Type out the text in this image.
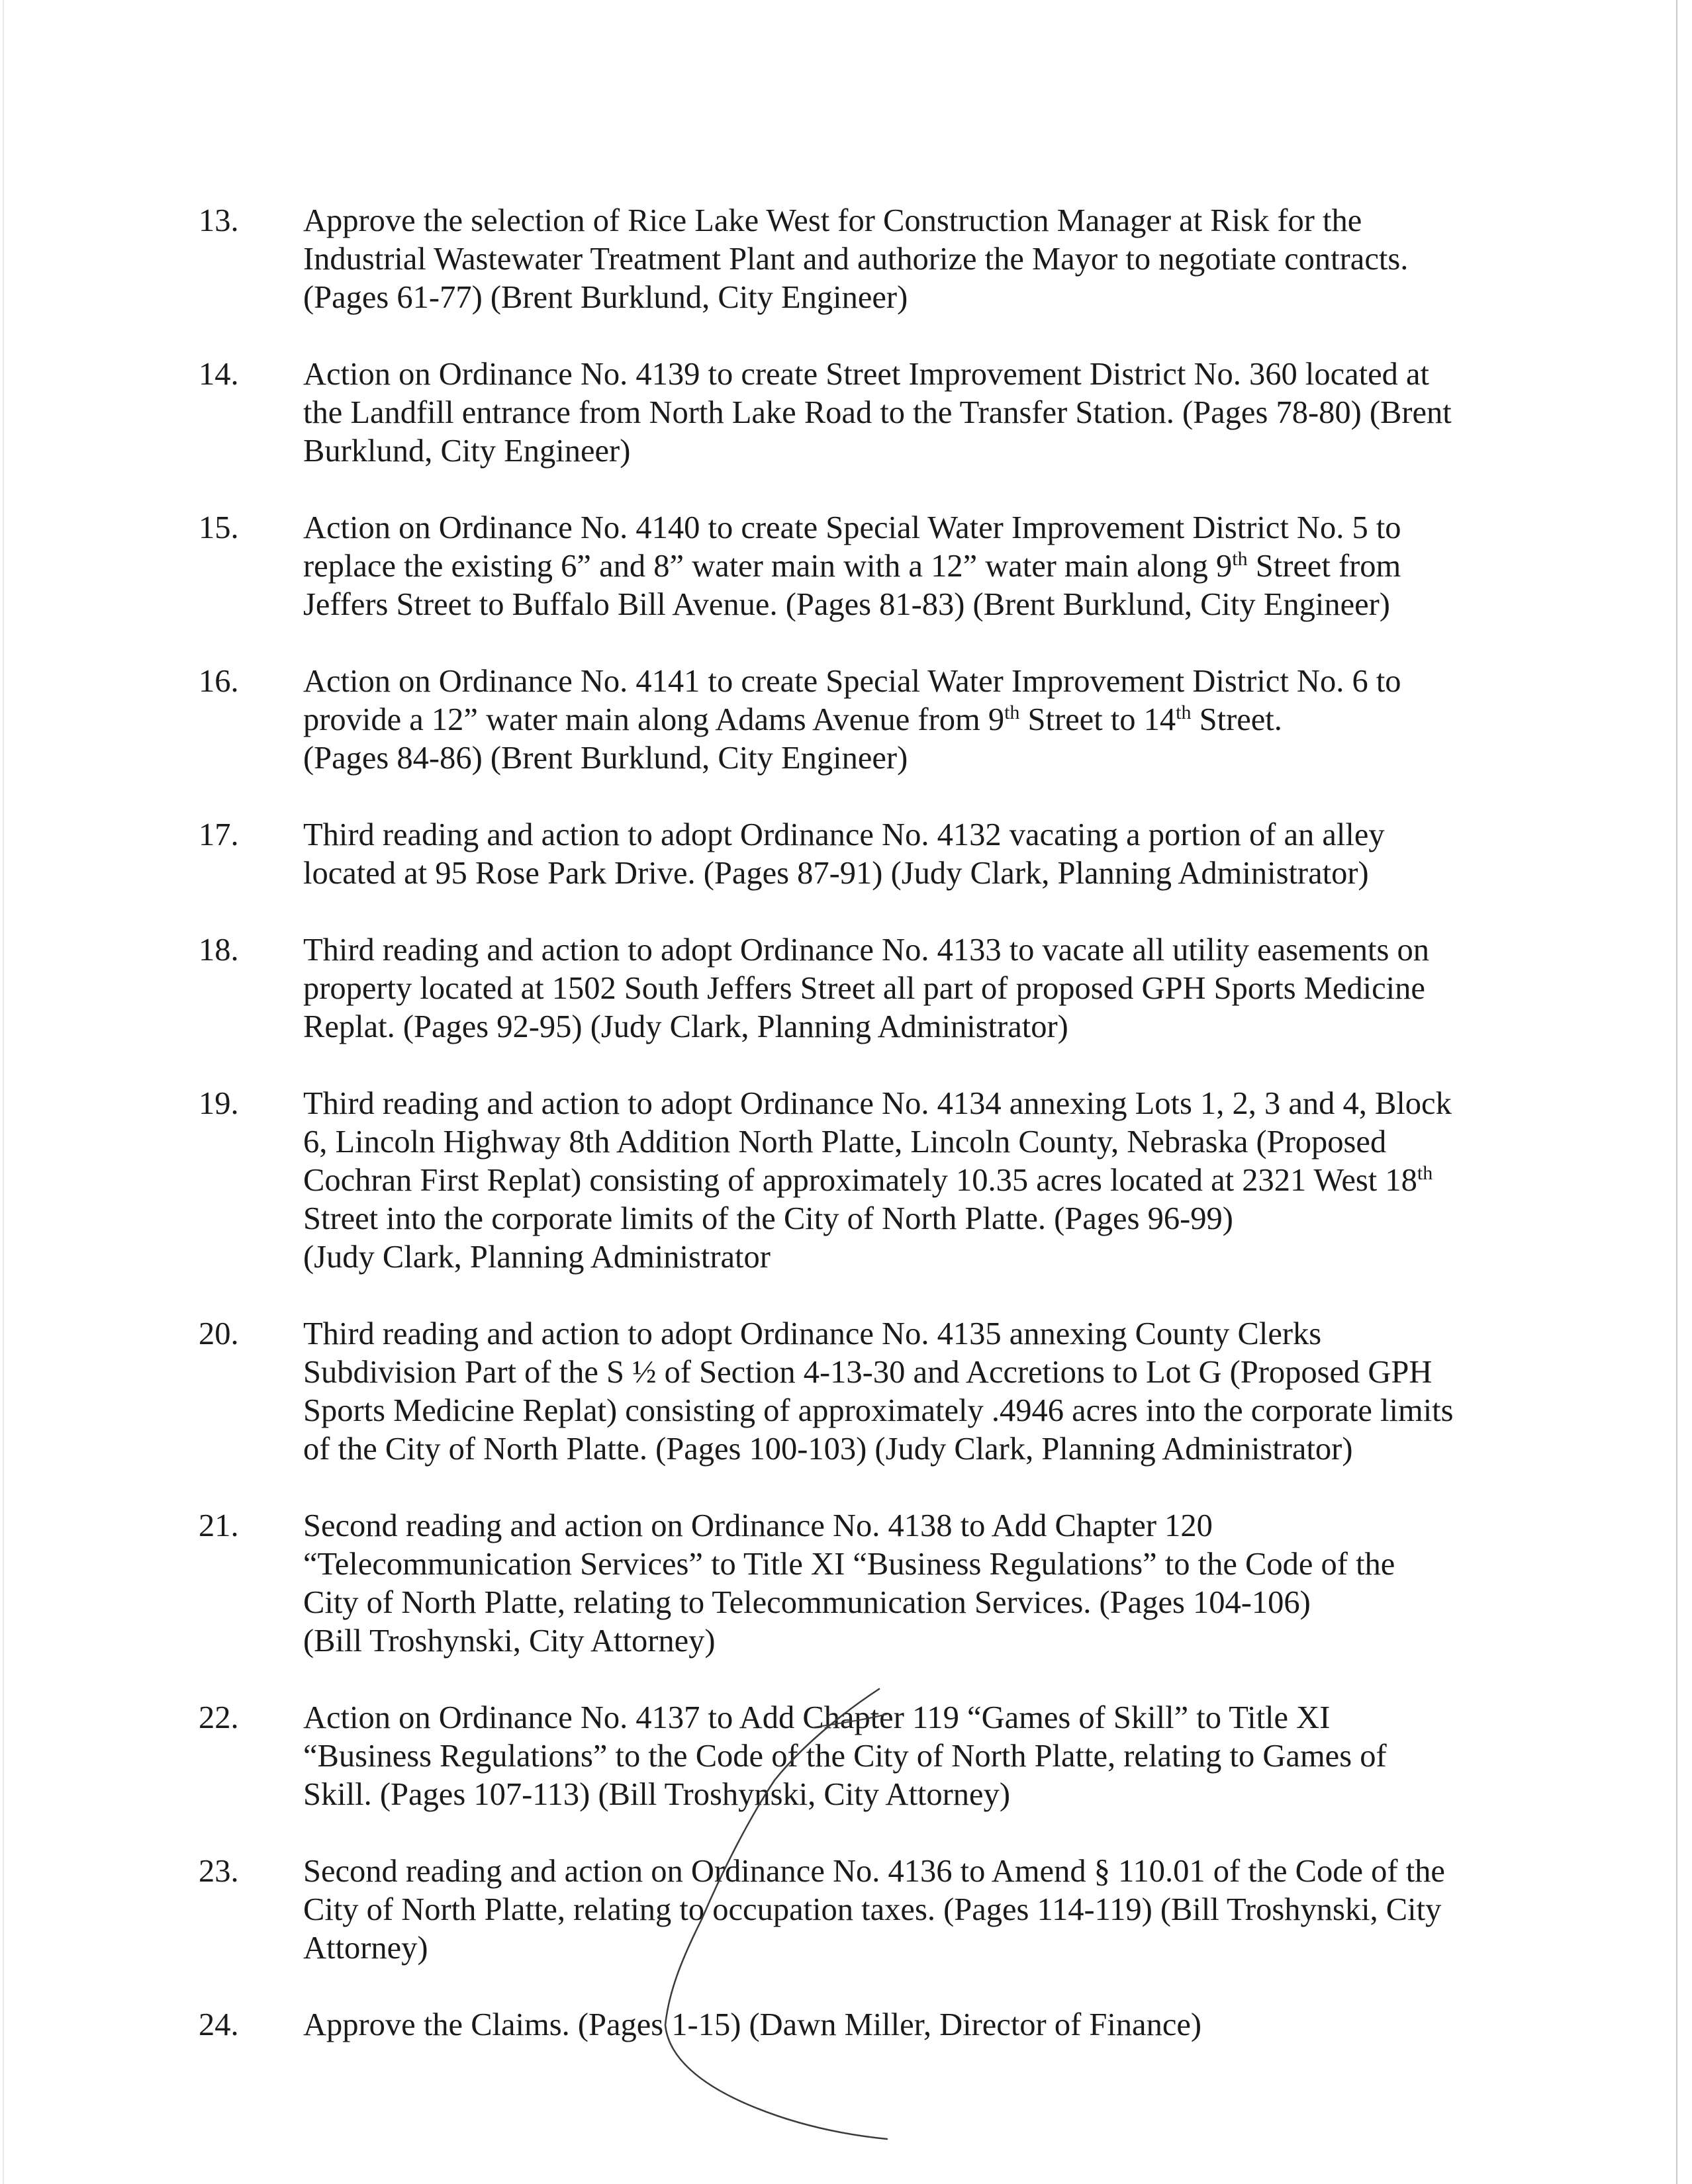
13. Approve the selection of Rice Lake West for Construction Manager at Risk for the
Industrial Wastewater Treatment Plant and authorize the Mayor to negotiate contracts.
(Pages 61-77) (Brent Burklund, City Engineer)
14. Action on Ordinance No. 4139 to create Street Improvement District No. 360 located at
the Landfill entrance from North Lake Road to the Transfer Station. (Pages 78-80) (Brent
Burklund, City Engineer)
15. Action on Ordinance No. 4140 to create Special Water Improvement District No. 5 to
replace the existing 6” and 8” water main with a 12” water main along 9th Street from
Jeffers Street to Buffalo Bill Avenue. (Pages 81-83) (Brent Burklund, City Engineer)
16. Action on Ordinance No. 4141 to create Special Water Improvement District No. 6 to
provide a 12” water main along Adams Avenue from 9th Street to 14th Street.
(Pages 84-86) (Brent Burklund, City Engineer)
17. Third reading and action to adopt Ordinance No. 4132 vacating a portion of an alley
located at 95 Rose Park Drive. (Pages 87-91) (Judy Clark, Planning Administrator)
18. Third reading and action to adopt Ordinance No. 4133 to vacate all utility easements on
property located at 1502 South Jeffers Street all part of proposed GPH Sports Medicine
Replat. (Pages 92-95) (Judy Clark, Planning Administrator)
19. Third reading and action to adopt Ordinance No. 4134 annexing Lots 1, 2, 3 and 4, Block
6, Lincoln Highway 8th Addition North Platte, Lincoln County, Nebraska (Proposed
Cochran First Replat) consisting of approximately 10.35 acres located at 2321 West 18th
Street into the corporate limits of the City of North Platte. (Pages 96-99)
(Judy Clark, Planning Administrator
20. Third reading and action to adopt Ordinance No. 4135 annexing County Clerks
Subdivision Part of the S ½ of Section 4-13-30 and Accretions to Lot G (Proposed GPH
Sports Medicine Replat) consisting of approximately .4946 acres into the corporate limits
of the City of North Platte. (Pages 100-103) (Judy Clark, Planning Administrator)
21. Second reading and action on Ordinance No. 4138 to Add Chapter 120
“Telecommunication Services” to Title XI “Business Regulations” to the Code of the
City of North Platte, relating to Telecommunication Services. (Pages 104-106)
(Bill Troshynski, City Attorney)
22. Action on Ordinance No. 4137 to Add Chapter 119 “Games of Skill” to Title XI
“Business Regulations” to the Code of the City of North Platte, relating to Games of
Skill. (Pages 107-113) (Bill Troshynski, City Attorney)
23. Second reading and action on Ordinance No. 4136 to Amend § 110.01 of the Code of the
City of North Platte, relating to occupation taxes. (Pages 114-119) (Bill Troshynski, City
Attorney)
24. Approve the Claims. (Pages 1-15) (Dawn Miller, Director of Finance)
